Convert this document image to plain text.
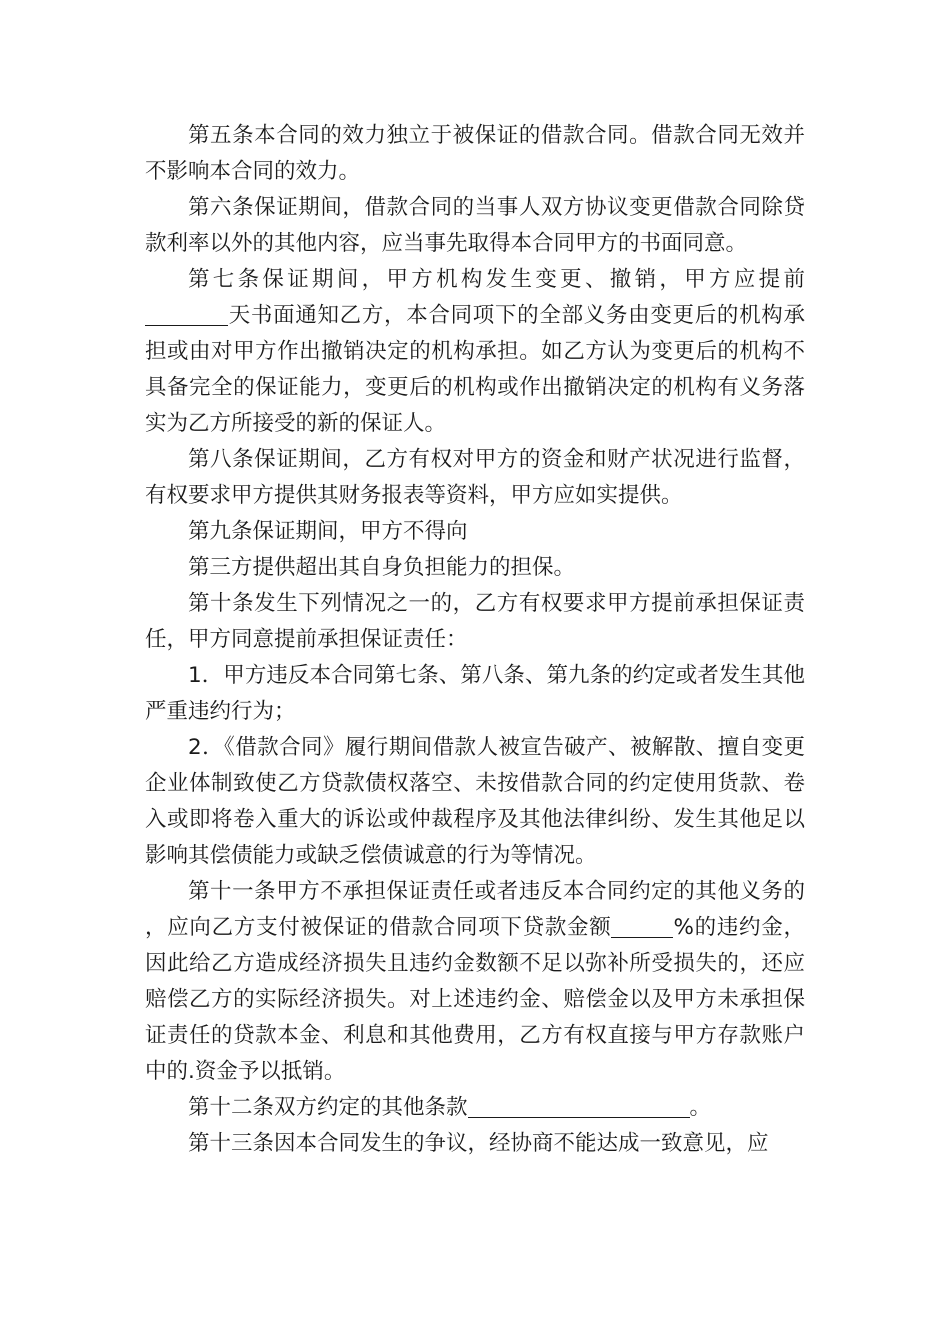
第五条本合同的效力独立于被保证的借款合同。借款合同无效并不影响本合同的效力。

第六条保证期间，借款合同的当事人双方协议变更借款合同除贷款利率以外的其他内容，应当事先取得本合同甲方的书面同意。

第七条保证期间，甲方机构发生变更、撤销，甲方应提前天书面通知乙方，本合同项下的全部义务由变更后的机构承担或由对甲方作出撤销决定的机构承担。如乙方认为变更后的机构不具备完全的保证能力，变更后的机构或作出撤销决定的机构有义务落实为乙方所接受的新的保证人。

第八条保证期间，乙方有权对甲方的资金和财产状况进行监督，有权要求甲方提供其财务报表等资料，甲方应如实提供。

第九条保证期间，甲方不得向

第三方提供超出其自身负担能力的担保。

第十条发生下列情况之一的，乙方有权要求甲方提前承担保证责任，甲方同意提前承担保证责任：

1．甲方违反本合同第七条、第八条、第九条的约定或者发生其他严重违约行为；

2．《借款合同》履行期间借款人被宣告破产、被解散、擅自变更企业体制致使乙方贷款债权落空、未按借款合同的约定使用货款、卷入或即将卷入重大的诉讼或仲裁程序及其他法律纠纷、发生其他足以影响其偿债能力或缺乏偿债诚意的行为等情况。

第十一条甲方不承担保证责任或者违反本合同约定的其他义务的，应向乙方支付被保证的借款合同项下贷款金额	%的违约金，因此给乙方造成经济损失且违约金数额不足以弥补所受损失的，还应赔偿乙方的实际经济损失。对上述违约金、赔偿金以及甲方未承担保证责任的贷款本金、利息和其他费用，乙方有权直接与甲方存款账户中的.资金予以抵销。

第十二条双方约定的其他条款	。

第十三条因本合同发生的争议，经协商不能达成一致意见，应
